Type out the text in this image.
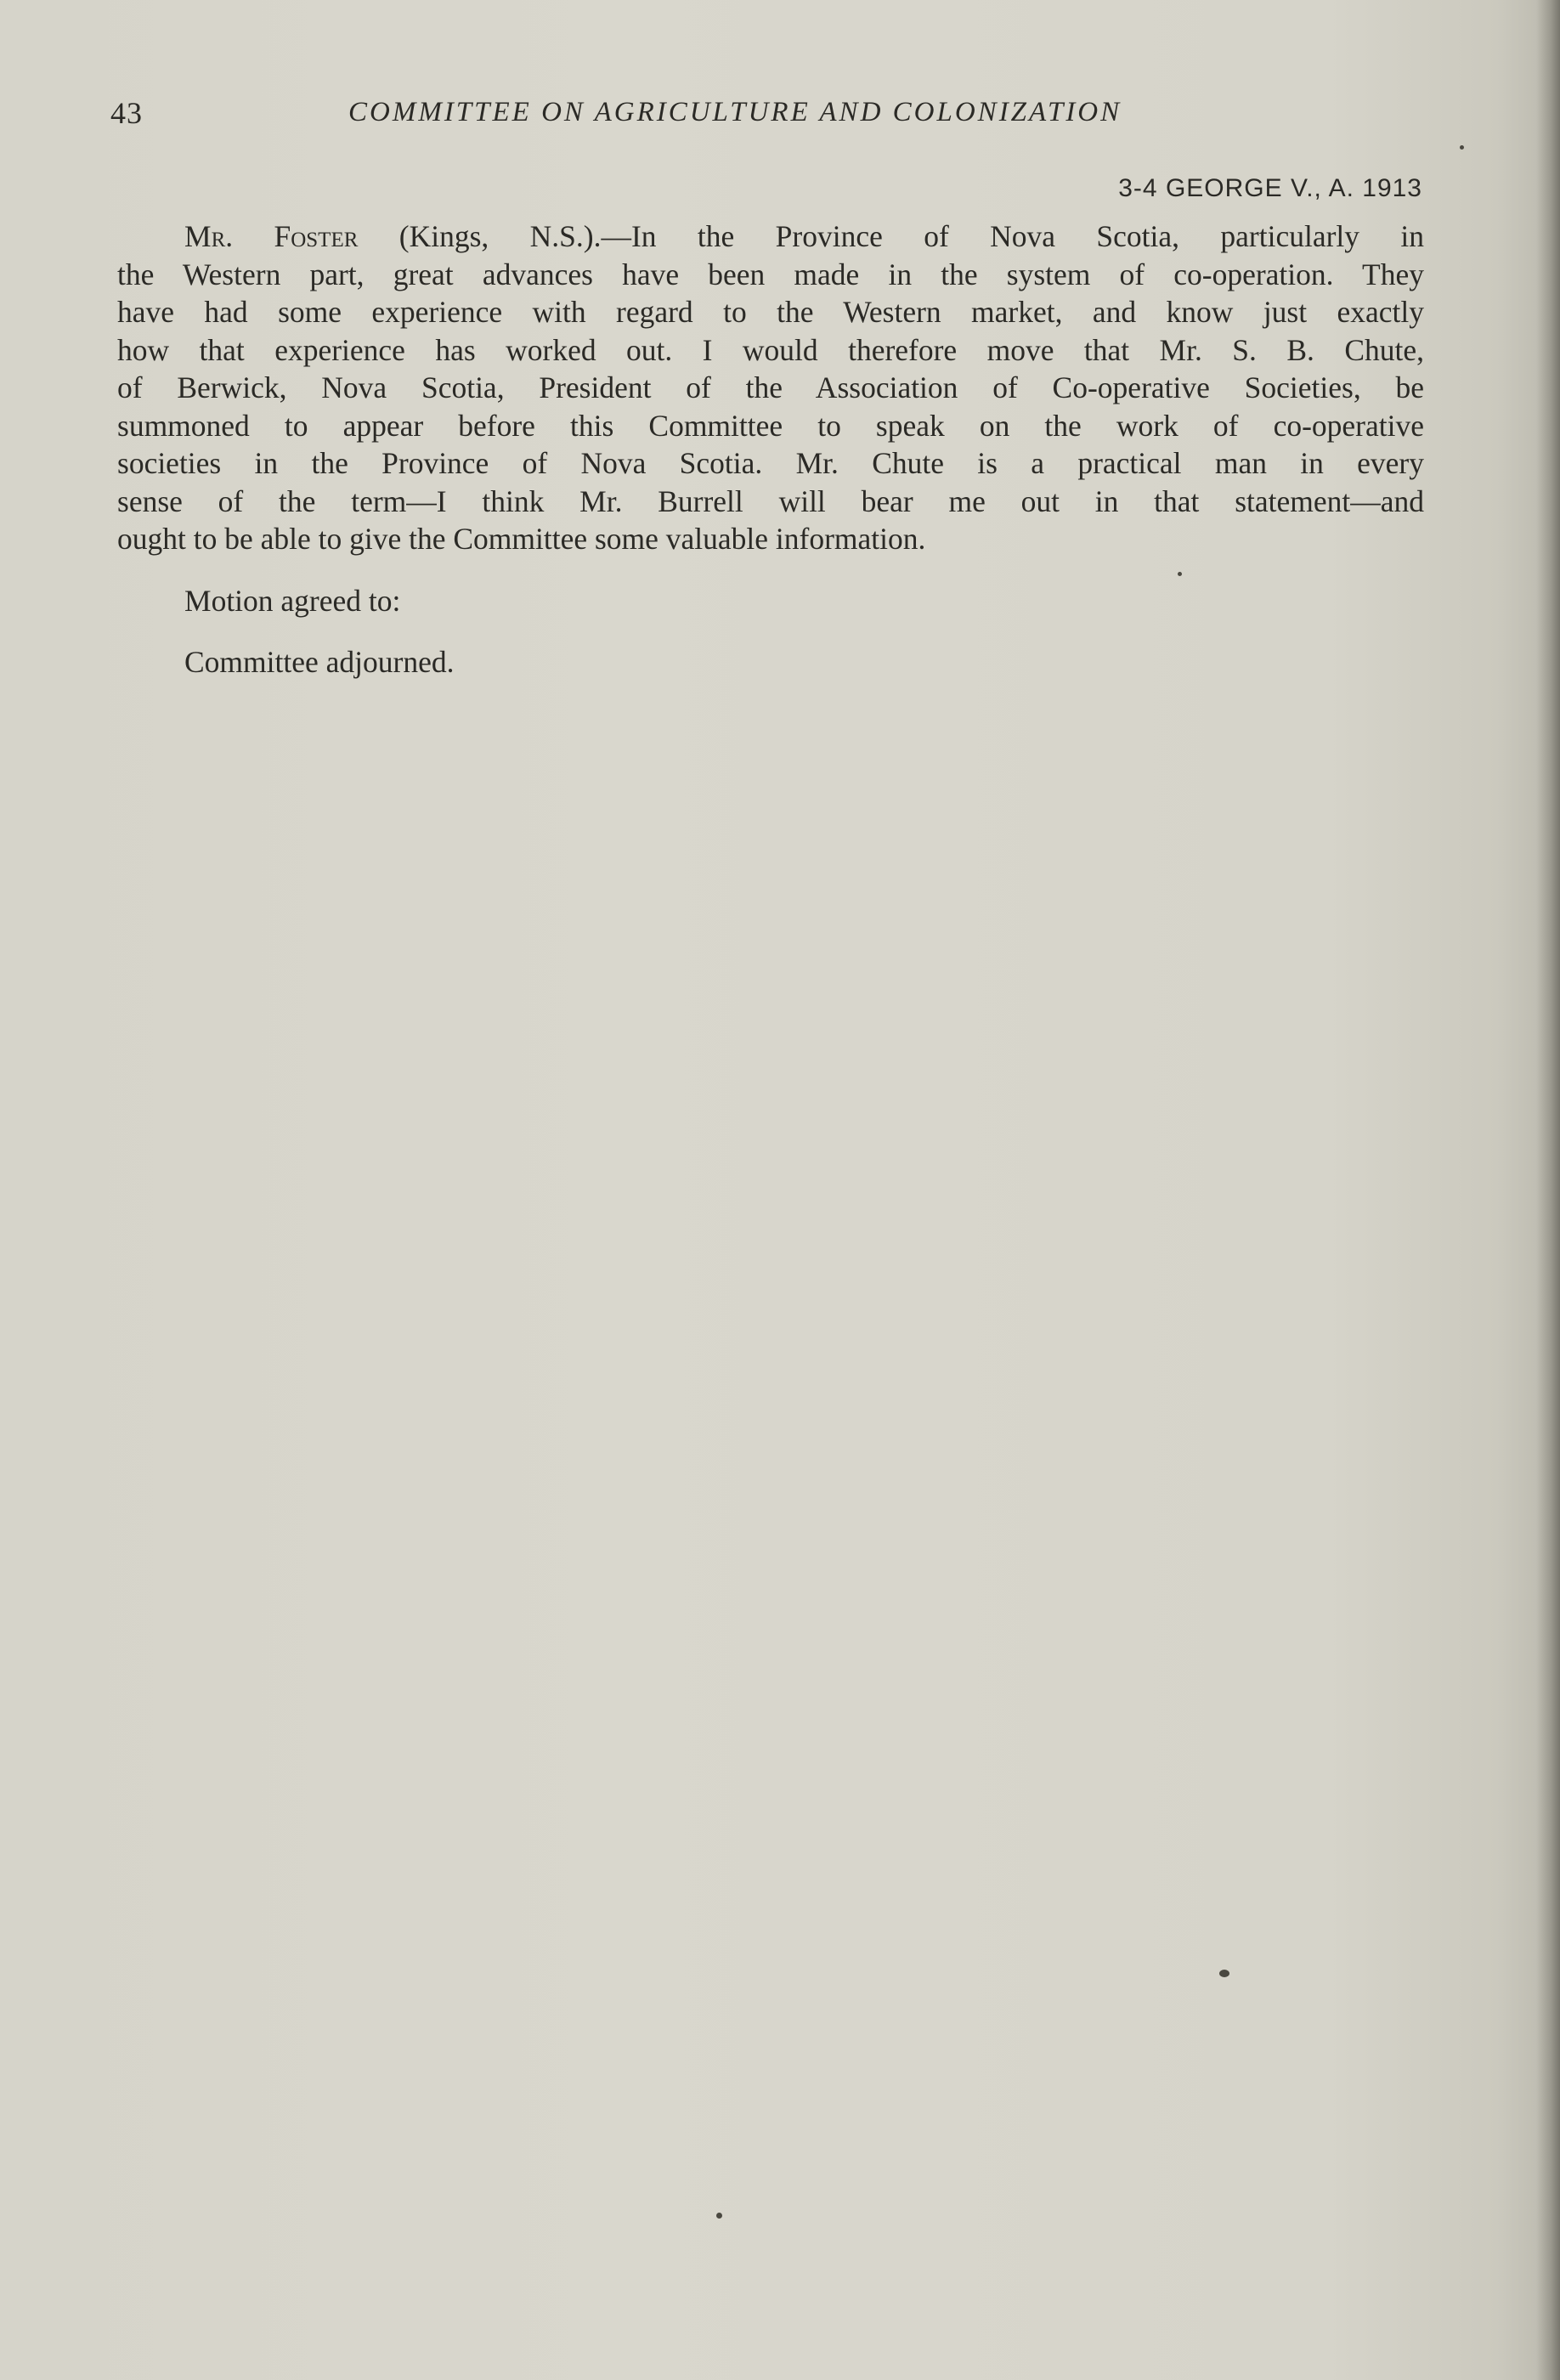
43	COMMITTEE ON AGRICULTURE AND COLONIZATION
3-4 GEORGE V., A. 1913
Mr. Foster (Kings, N.S.).—In the Province of Nova Scotia, particularly in
the Western part, great advances have been made in the system of co-operation. They
have had some experience with regard to the Western market, and know just exactly
how that experience has worked out. I would therefore move that Mr. S. B. Chute,
of Berwick, Nova Scotia, President of the Association of Co-operative Societies, be
summoned to appear before this Committee to speak on the work of co-operative
societies in the Province of Nova Scotia. Mr. Chute is a practical man in every
sense of the term—I think Mr. Burrell will bear me out in that statement—and
ought to be able to give the Committee some valuable information.
Motion agreed to:
Committee adjourned.
